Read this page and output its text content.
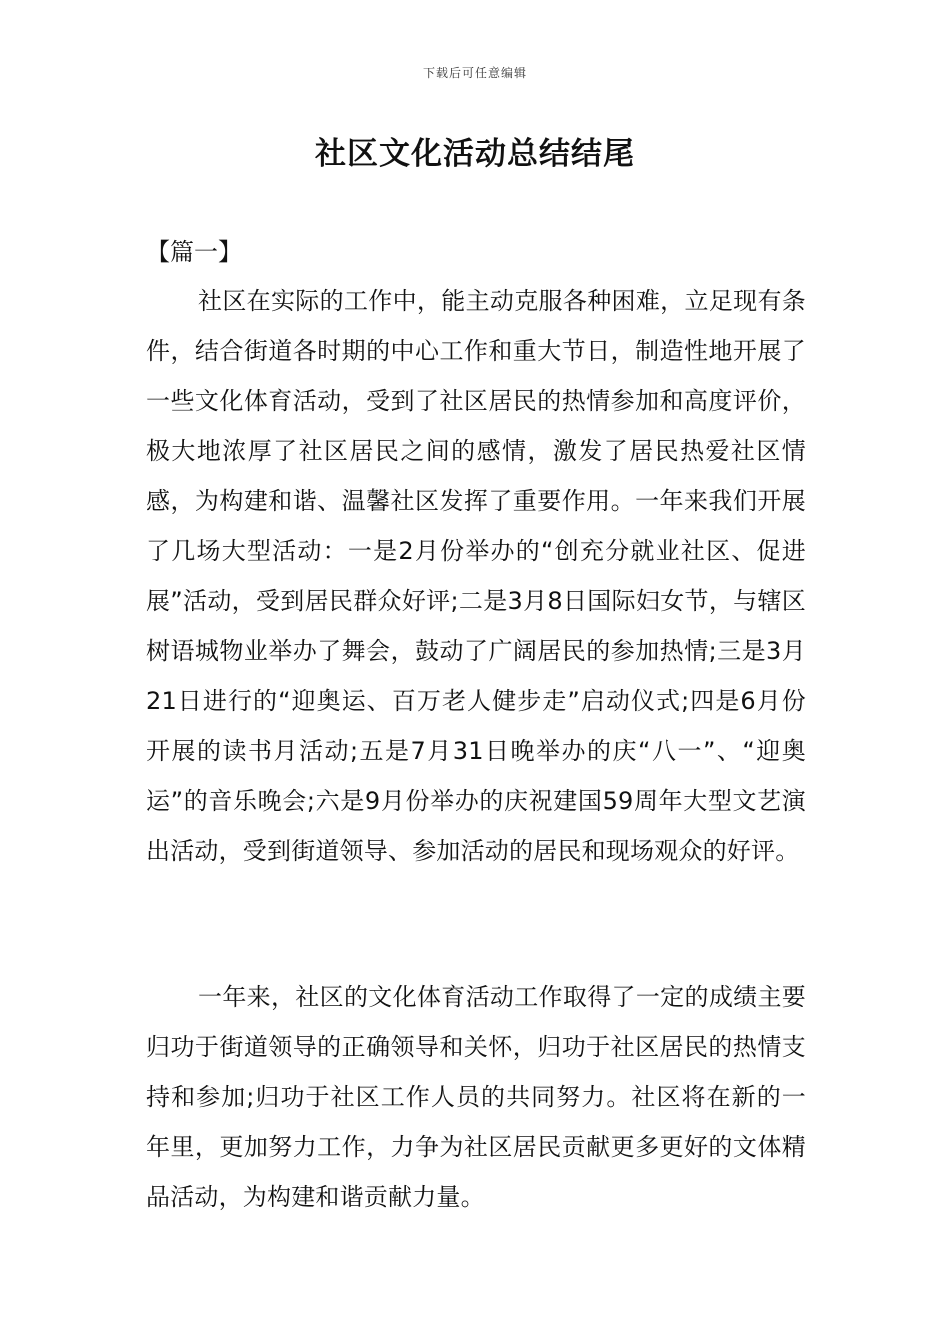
下载后可任意编辑
社区文化活动总结结尾
【篇一】

社区在实际的工作中，能主动克服各种困难，立足现有条件，结合街道各时期的中心工作和重大节日，制造性地开展了一些文化体育活动，受到了社区居民的热情参加和高度评价，极大地浓厚了社区居民之间的感情，激发了居民热爱社区情感，为构建和谐、温馨社区发挥了重要作用。一年来我们开展了几场大型活动：一是2月份举办的“创充分就业社区、促进展”活动，受到居民群众好评;二是3月8日国际妇女节，与辖区树语城物业举办了舞会，鼓动了广阔居民的参加热情;三是3月21日进行的“迎奥运、百万老人健步走”启动仪式;四是6月份开展的读书月活动;五是7月31日晚举办的庆“八一”、“迎奥运”的音乐晚会;六是9月份举办的庆祝建国59周年大型文艺演出活动，受到街道领导、参加活动的居民和现场观众的好评。

一年来，社区的文化体育活动工作取得了一定的成绩主要归功于街道领导的正确领导和关怀，归功于社区居民的热情支持和参加;归功于社区工作人员的共同努力。社区将在新的一年里，更加努力工作，力争为社区居民贡献更多更好的文体精品活动，为构建和谐贡献力量。
